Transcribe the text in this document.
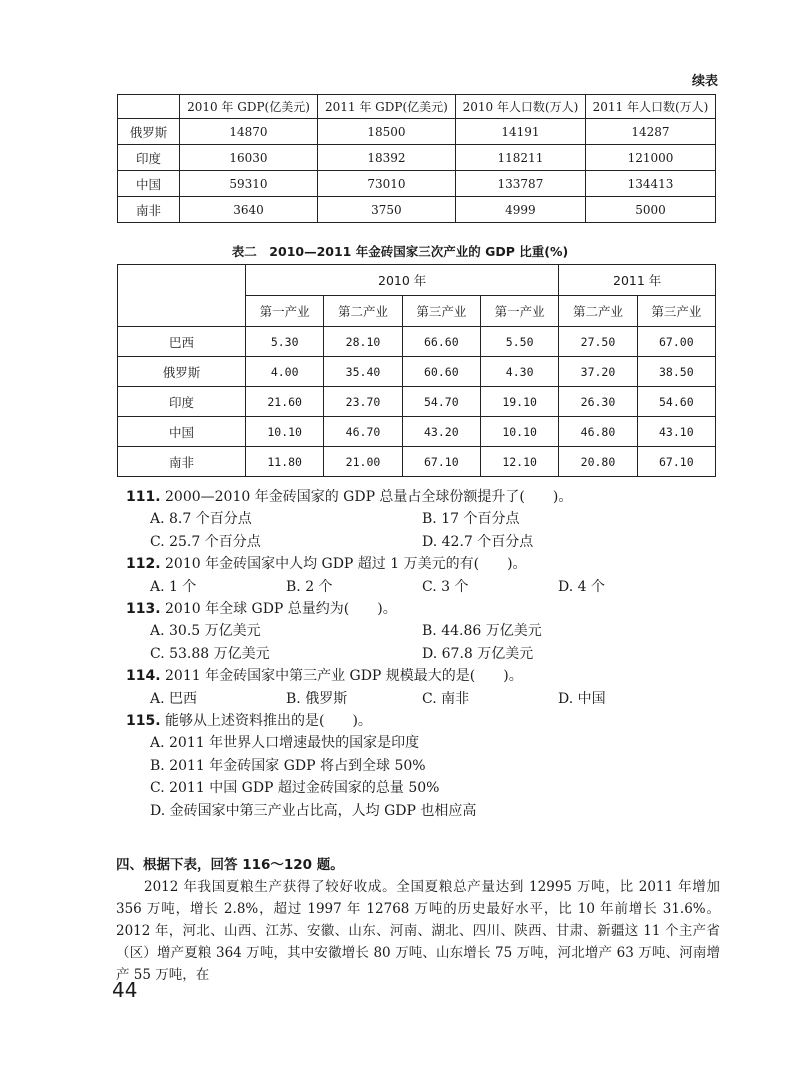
续表
	2010 年 GDP(亿美元)	2011 年 GDP(亿美元)	2010 年人口数(万人)	2011 年人口数(万人)
俄罗斯	14870	18500	14191	14287
印度	16030	18392	118211	121000
中国	59310	73010	133787	134413
南非	3640	3750	4999	5000
表二　2010—2011 年金砖国家三次产业的 GDP 比重(%)
	2010 年				2011 年	
	第一产业	第二产业	第三产业	第一产业	第二产业	第三产业
巴西	5.30	28.10	66.60	5.50	27.50	67.00
俄罗斯	4.00	35.40	60.60	4.30	37.20	38.50
印度	21.60	23.70	54.70	19.10	26.30	54.60
中国	10.10	46.70	43.20	10.10	46.80	43.10
南非	11.80	21.00	67.10	12.10	20.80	67.10
111. 2000—2010 年金砖国家的 GDP 总量占全球份额提升了(　　)。
A. 8.7 个百分点	B. 17 个百分点
C. 25.7 个百分点	D. 42.7 个百分点
112. 2010 年金砖国家中人均 GDP 超过 1 万美元的有(　　)。
A. 1 个	B. 2 个	C. 3 个	D. 4 个
113. 2010 年全球 GDP 总量约为(　　)。
A. 30.5 万亿美元	B. 44.86 万亿美元
C. 53.88 万亿美元	D. 67.8 万亿美元
114. 2011 年金砖国家中第三产业 GDP 规模最大的是(　　)。
A. 巴西	B. 俄罗斯	C. 南非	D. 中国
115. 能够从上述资料推出的是(　　)。
A. 2011 年世界人口增速最快的国家是印度
B. 2011 年金砖国家 GDP 将占到全球 50%
C. 2011 中国 GDP 超过金砖国家的总量 50%
D. 金砖国家中第三产业占比高，人均 GDP 也相应高
四、根据下表，回答 116～120 题。
2012 年我国夏粮生产获得了较好收成。全国夏粮总产量达到 12995 万吨，比 2011 年增加 356 万吨，增长 2.8%，超过 1997 年 12768 万吨的历史最好水平，比 10 年前增长 31.6%。2012 年，河北、山西、江苏、安徽、山东、河南、湖北、四川、陕西、甘肃、新疆这 11 个主产省（区）增产夏粮 364 万吨，其中安徽增长 80 万吨、山东增长 75 万吨，河北增产 63 万吨、河南增产 55 万吨，在
44
